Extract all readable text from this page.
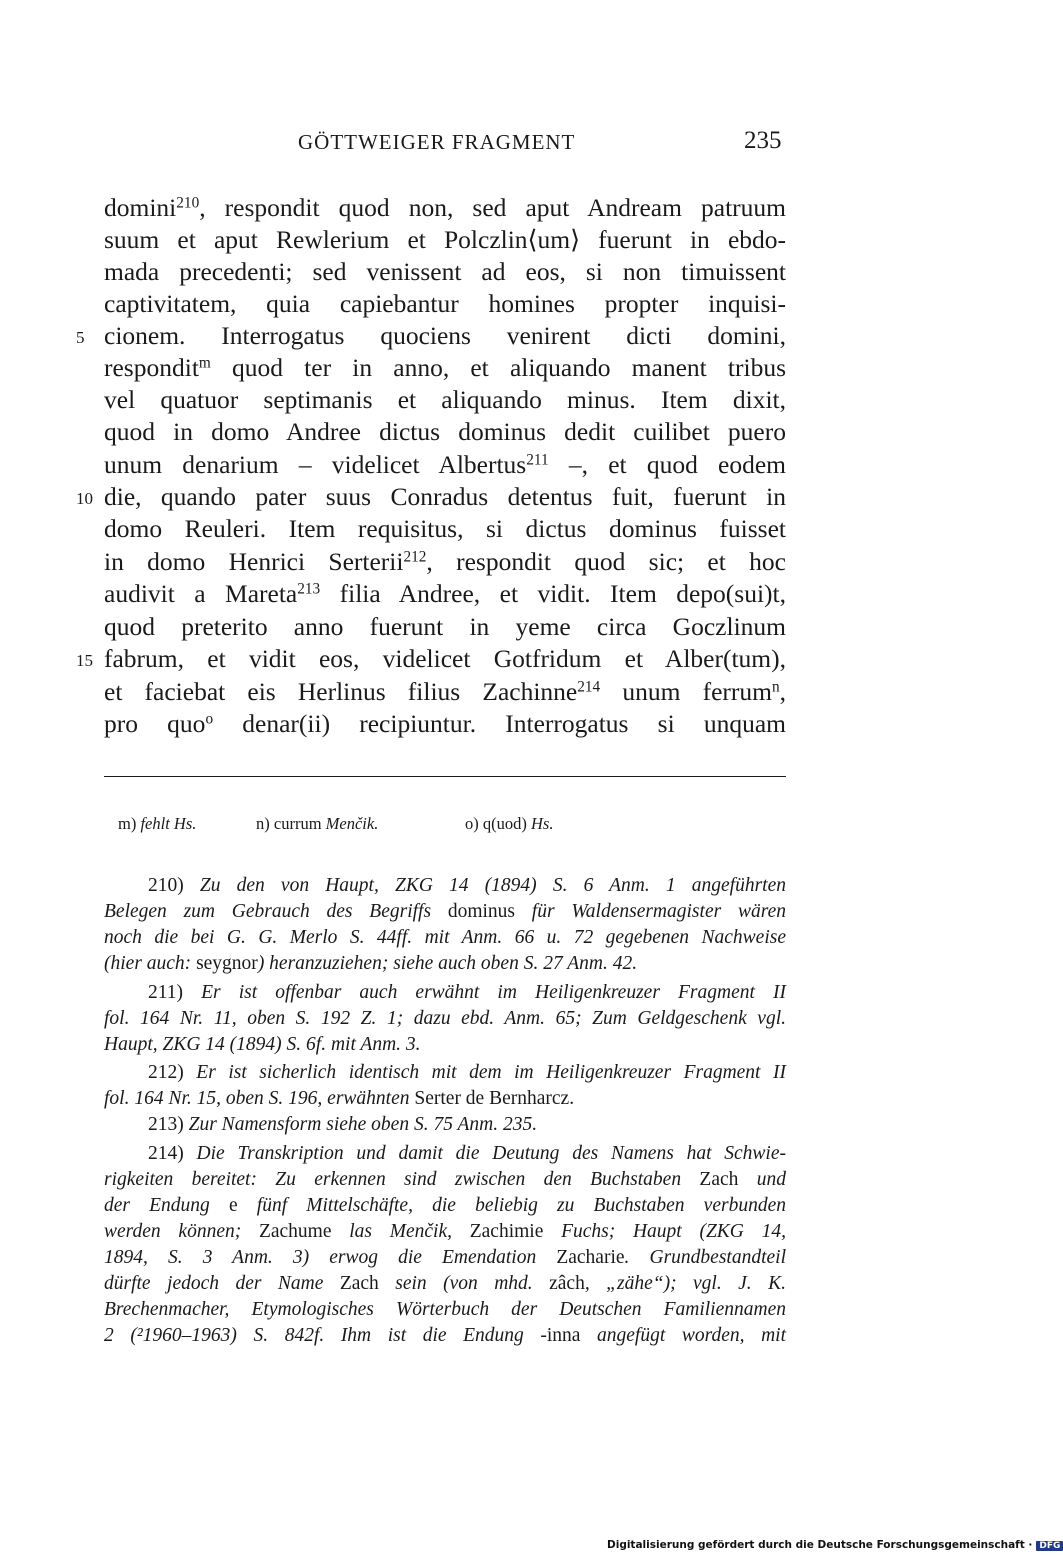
GÖTTWEIGER FRAGMENT	235
domini$^{210}$, respondit quod non, sed aput Andream patruum
suum et aput Rewlerium et Polczlin⟨um⟩ fuerunt in ebdo-
mada precedenti; sed venissent ad eos, si non timuissent
captivitatem, quia capiebantur homines propter inquisi-
cionem. Interrogatus quociens venirent dicti domini,
respondit$^m$ quod ter in anno, et aliquando manent tribus
vel quatuor septimanis et aliquando minus. Item dixit,
quod in domo Andree dictus dominus dedit cuilibet puero
unum denarium – videlicet Albertus$^{211}$ –, et quod eodem
die, quando pater suus Conradus detentus fuit, fuerunt in
domo Reuleri. Item requisitus, si dictus dominus fuisset
in domo Henrici Serterii$^{212}$, respondit quod sic; et hoc
audivit a Mareta$^{213}$ filia Andree, et vidit. Item depo(sui)t,
quod preterito anno fuerunt in yeme circa Goczlinum
fabrum, et vidit eos, videlicet Gotfridum et Alber(tum),
et faciebat eis Herlinus filius Zachinne$^{214}$ unum ferrum$^n$,
pro quo$^o$ denar(ii) recipiuntur. Interrogatus si unquam
5
10
15
m) fehlt Hs.	n) currum Menčik.	o) q(uod) Hs.
210) Zu den von Haupt, ZKG 14 (1894) S. 6 Anm. 1 angeführten
Belegen zum Gebrauch des Begriffs dominus für Waldensermagister wären
noch die bei G. G. Merlo S. 44ff. mit Anm. 66 u. 72 gegebenen Nachweise
(hier auch: seygnor) heranzuziehen; siehe auch oben S. 27 Anm. 42.
211) Er ist offenbar auch erwähnt im Heiligenkreuzer Fragment II
fol. 164 Nr. 11, oben S. 192 Z. 1; dazu ebd. Anm. 65; Zum Geldgeschenk vgl.
Haupt, ZKG 14 (1894) S. 6f. mit Anm. 3.
212) Er ist sicherlich identisch mit dem im Heiligenkreuzer Fragment II
fol. 164 Nr. 15, oben S. 196, erwähnten Serter de Bernharcz.
213) Zur Namensform siehe oben S. 75 Anm. 235.
214) Die Transkription und damit die Deutung des Namens hat Schwie-
rigkeiten bereitet: Zu erkennen sind zwischen den Buchstaben Zach und
der Endung e fünf Mittelschäfte, die beliebig zu Buchstaben verbunden
werden können; Zachume las Menčik, Zachimie Fuchs; Haupt (ZKG 14,
1894, S. 3 Anm. 3) erwog die Emendation Zacharie. Grundbestandteil
dürfte jedoch der Name Zach sein (von mhd. zâch, „zähe“); vgl. J. K.
Brechenmacher, Etymologisches Wörterbuch der Deutschen Familiennamen
2 (²1960–1963) S. 842f. Ihm ist die Endung -inna angefügt worden, mit
Digitalisierung gefördert durch die Deutsche Forschungsgemeinschaft · DFG
